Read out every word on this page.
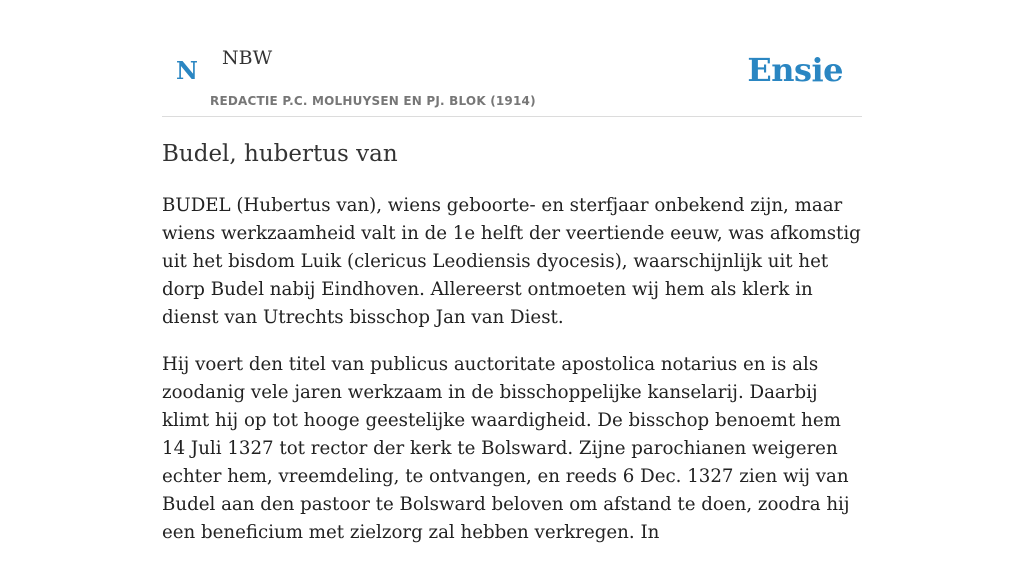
N NBW
REDACTIE P.C. MOLHUYSEN EN PJ. BLOK (1914)
Ensie
Budel, hubertus van

BUDEL (Hubertus van), wiens geboorte- en sterfjaar onbekend zijn, maar wiens werkzaamheid valt in de 1e helft der veertiende eeuw, was afkomstig uit het bisdom Luik (clericus Leodiensis dyocesis), waarschijnlijk uit het dorp Budel nabij Eindhoven. Allereerst ontmoeten wij hem als klerk in dienst van Utrechts bisschop Jan van Diest.

Hij voert den titel van publicus auctoritate apostolica notarius en is als zoodanig vele jaren werkzaam in de bisschoppelijke kanselarij. Daarbij klimt hij op tot hooge geestelijke waardigheid. De bisschop benoemt hem 14 Juli 1327 tot rector der kerk te Bolsward. Zijne parochianen weigeren echter hem, vreemdeling, te ontvangen, en reeds 6 Dec. 1327 zien wij van Budel aan den pastoor te Bolsward beloven om afstand te doen, zoodra hij een beneficium met zielzorg zal hebben verkregen. In
